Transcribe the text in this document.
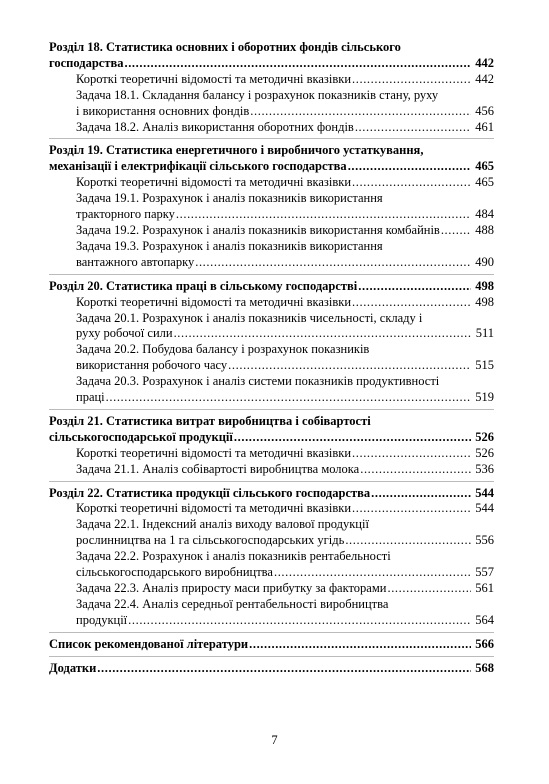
Розділ 18. Статистика основних і оборотних фондів сільського
господарства .....	442
Короткі теоретичні відомості та методичні вказівки .....	442
Задача 18.1. Складання балансу і розрахунок показників стану, руху
і використання основних фондів .....	456
Задача 18.2. Аналіз використання оборотних фондів .....	461
Розділ 19. Статистика енергетичного і виробничого устаткування,
механізації і електрифікації сільського господарства .....	465
Короткі теоретичні відомості та методичні вказівки .....	465
Задача 19.1. Розрахунок і аналіз показників використання
тракторного парку .....	484
Задача 19.2. Розрахунок і аналіз показників використання комбайнів .....	488
Задача 19.3. Розрахунок і аналіз показників використання
вантажного автопарку .....	490
Розділ 20. Статистика праці в сільському господарстві .....	498
Короткі теоретичні відомості та методичні вказівки .....	498
Задача 20.1. Розрахунок і аналіз показників чисельності, складу і
руху робочої сили .....	511
Задача 20.2. Побудова балансу і розрахунок показників
використання робочого часу .....	515
Задача 20.3. Розрахунок і аналіз системи показників продуктивності
праці .....	519
Розділ 21. Статистика витрат виробництва і собівартості
сільськогосподарської продукції .....	526
Короткі теоретичні відомості та методичні вказівки .....	526
Задача 21.1. Аналіз собівартості виробництва молока .....	536
Розділ 22. Статистика продукції сільського господарства .....	544
Короткі теоретичні відомості та методичні вказівки .....	544
Задача 22.1. Індексний аналіз виходу валової продукції
рослинництва на 1 га сільськогосподарських угідь .....	556
Задача 22.2. Розрахунок і аналіз показників рентабельності
сільськогосподарського виробництва .....	557
Задача 22.3. Аналіз приросту маси прибутку за факторами .....	561
Задача 22.4. Аналіз середньої рентабельності виробництва
продукції .....	564
Список рекомендованої літератури .....	566
Додатки .....	568
7
